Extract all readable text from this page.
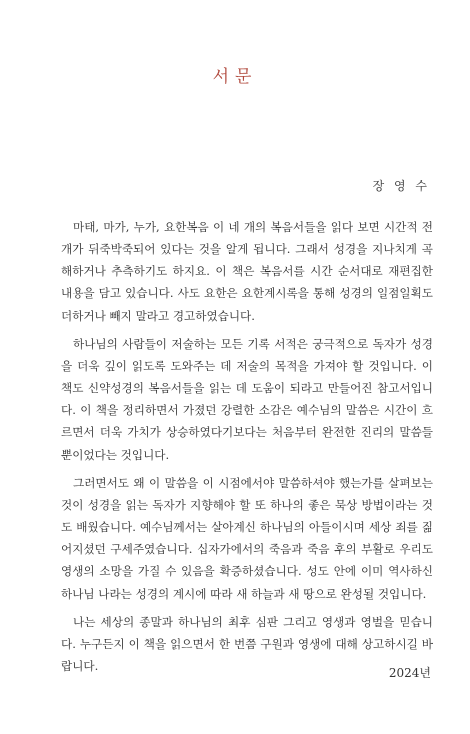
서문
장 영 수

마태, 마가, 누가, 요한복음 이 네 개의 복음서들을 읽다 보면 시간적 전개가 뒤죽박죽되어 있다는 것을 알게 됩니다. 그래서 성경을 지나치게 곡해하거나 추측하기도 하지요. 이 책은 복음서를 시간 순서대로 재편집한 내용을 담고 있습니다. 사도 요한은 요한계시록을 통해 성경의 일점일획도 더하거나 빼지 말라고 경고하였습니다.

하나님의 사람들이 저술하는 모든 기록 서적은 궁극적으로 독자가 성경을 더욱 깊이 읽도록 도와주는 데 저술의 목적을 가져야 할 것입니다. 이 책도 신약성경의 복음서들을 읽는 데 도움이 되라고 만들어진 참고서입니다. 이 책을 정리하면서 가졌던 강렬한 소감은 예수님의 말씀은 시간이 흐르면서 더욱 가치가 상승하였다기보다는 처음부터 완전한 진리의 말씀들뿐이었다는 것입니다.

그러면서도 왜 이 말씀을 이 시점에서야 말씀하셔야 했는가를 살펴보는 것이 성경을 읽는 독자가 지향해야 할 또 하나의 좋은 묵상 방법이라는 것도 배웠습니다. 예수님께서는 살아계신 하나님의 아들이시며 세상 죄를 짊어지셨던 구세주였습니다. 십자가에서의 죽음과 죽음 후의 부활로 우리도 영생의 소망을 가질 수 있음을 확증하셨습니다. 성도 안에 이미 역사하신 하나님 나라는 성경의 계시에 따라 새 하늘과 새 땅으로 완성될 것입니다.

나는 세상의 종말과 하나님의 최후 심판 그리고 영생과 영벌을 믿습니다. 누구든지 이 책을 읽으면서 한 번쯤 구원과 영생에 대해 상고하시길 바랍니다.

2024년
